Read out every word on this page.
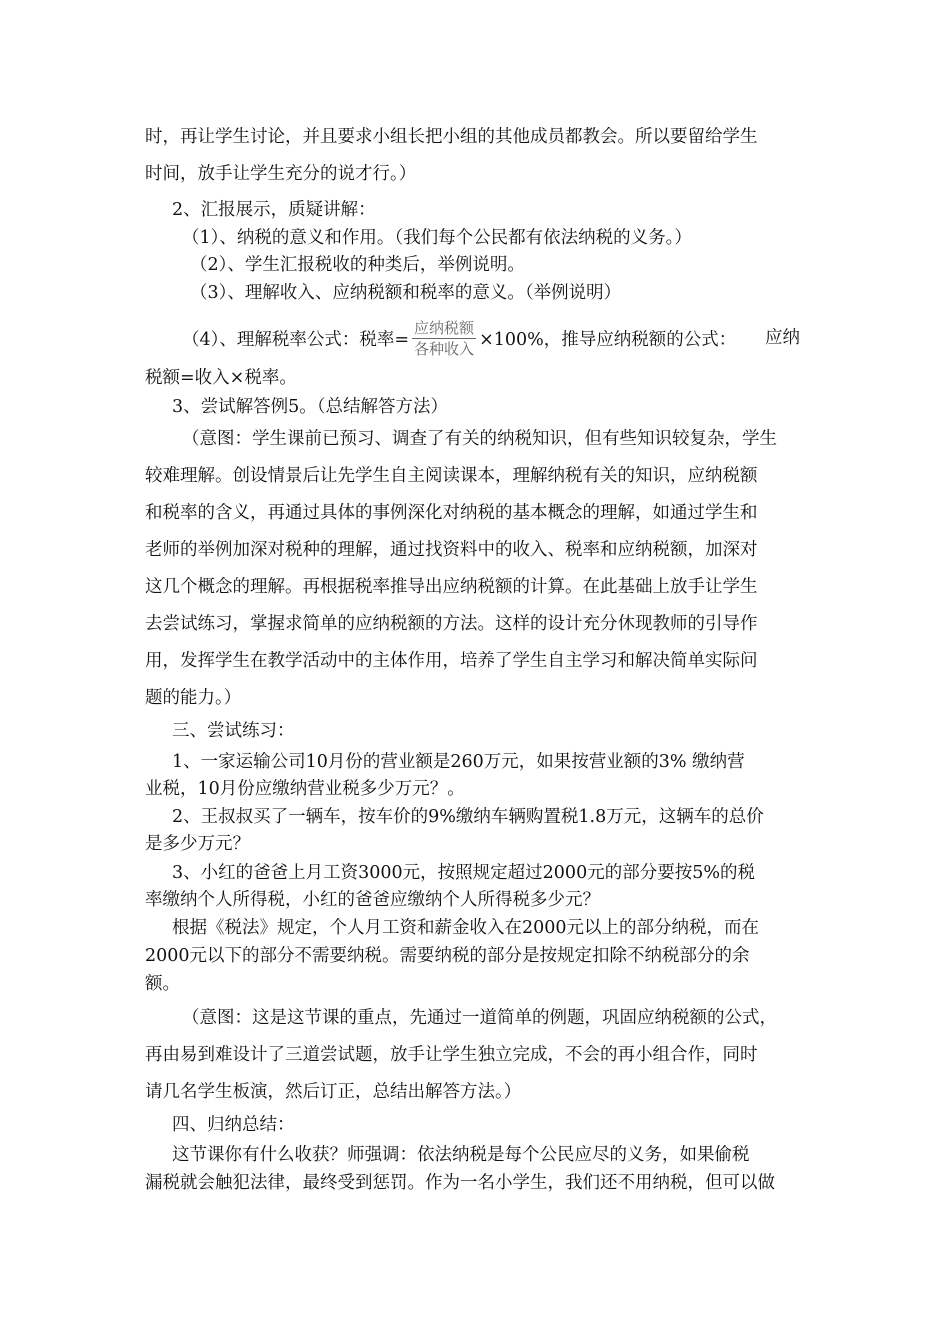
时，再让学生讨论，并且要求小组长把小组的其他成员都教会。所以要留给学生
时间，放手让学生充分的说才行。）
2、汇报展示，质疑讲解：
（1）、纳税的意义和作用。（我们每个公民都有依法纳税的义务。）
（2）、学生汇报税收的种类后，举例说明。
（3）、理解收入、应纳税额和税率的意义。（举例说明）
（4）、理解税率公式：税率= $\frac{\text{应纳税额}}{\text{各种收入}} \times 100\%$，推导应纳税额的公式： 应纳
税额=收入×税率。
3、尝试解答例5。（总结解答方法）
（意图：学生课前已预习、调查了有关的纳税知识，但有些知识较复杂，学生
较难理解。创设情景后让先学生自主阅读课本，理解纳税有关的知识，应纳税额
和税率的含义，再通过具体的事例深化对纳税的基本概念的理解，如通过学生和
老师的举例加深对税种的理解，通过找资料中的收入、税率和应纳税额，加深对
这几个概念的理解。再根据税率推导出应纳税额的计算。在此基础上放手让学生
去尝试练习，掌握求简单的应纳税额的方法。这样的设计充分休现教师的引导作
用，发挥学生在教学活动中的主体作用，培养了学生自主学习和解决简单实际问
题的能力。）
三、尝试练习：
1、一家运输公司10月份的营业额是260万元，如果按营业额的3% 缴纳营
业税，10月份应缴纳营业税多少万元？。
2、王叔叔买了一辆车，按车价的9%缴纳车辆购置税1.8万元，这辆车的总价
是多少万元？
3、小红的爸爸上月工资3000元，按照规定超过2000元的部分要按5%的税
率缴纳个人所得税，小红的爸爸应缴纳个人所得税多少元？
根据《税法》规定，个人月工资和薪金收入在2000元以上的部分纳税，而在
2000元以下的部分不需要纳税。需要纳税的部分是按规定扣除不纳税部分的余
额。
（意图：这是这节课的重点，先通过一道简单的例题，巩固应纳税额的公式，
再由易到难设计了三道尝试题，放手让学生独立完成，不会的再小组合作，同时
请几名学生板演，然后订正，总结出解答方法。）
四、归纳总结：
这节课你有什么收获？师强调：依法纳税是每个公民应尽的义务，如果偷税
漏税就会触犯法律，最终受到惩罚。作为一名小学生，我们还不用纳税，但可以做
